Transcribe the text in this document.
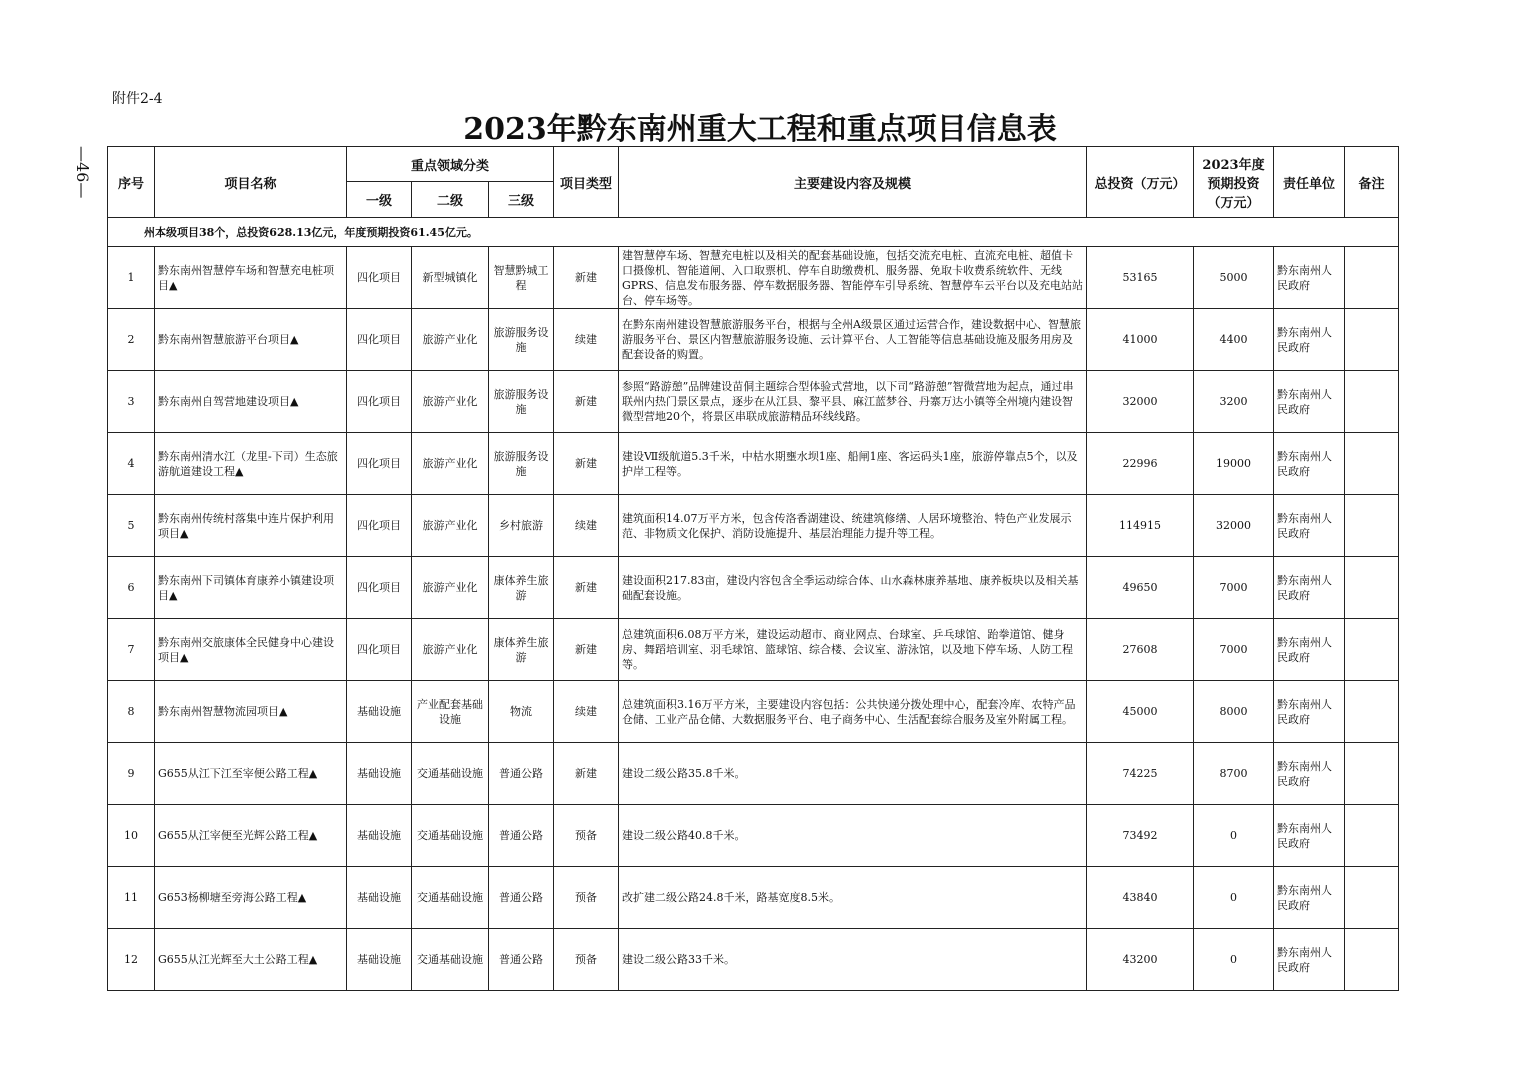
附件2-4
2023年黔东南州重大工程和重点项目信息表
—46— 序号	项目名称	重点领域分类			项目类型	主要建设内容及规模	总投资（万元）	2023年度预期投资（万元）	责任单位	备注
		一级	二级	三级						
州本级项目38个，总投资628.13亿元，年度预期投资61.45亿元。										
1	黔东南州智慧停车场和智慧充电桩项目▲	四化项目	新型城镇化	智慧黔城工程	新建	建智慧停车场、智慧充电桩以及相关的配套基础设施，包括交流充电桩、直流充电桩、超值卡口摄像机、智能道闸、入口取票机、停车自助缴费机、服务器、免取卡收费系统软件、无线GPRS、信息发布服务器、停车数据服务器、智能停车引导系统、智慧停车云平台以及充电站站台、停车场等。	53165	5000	黔东南州人民政府	
2	黔东南州智慧旅游平台项目▲	四化项目	旅游产业化	旅游服务设施	续建	在黔东南州建设智慧旅游服务平台，根据与全州A级景区通过运营合作，建设数据中心、智慧旅游服务平台、景区内智慧旅游服务设施、云计算平台、人工智能等信息基础设施及服务用房及配套设备的购置。	41000	4400	黔东南州人民政府	
3	黔东南州自驾营地建设项目▲	四化项目	旅游产业化	旅游服务设施	新建	参照“路游憩”品牌建设苗侗主题综合型体验式营地，以下司“路游憩”智微营地为起点，通过串联州内热门景区景点，逐步在从江县、黎平县、麻江蓝梦谷、丹寨万达小镇等全州境内建设智微型营地20个，将景区串联成旅游精品环线线路。	32000	3200	黔东南州人民政府	
4	黔东南州清水江（龙里-下司）生态旅游航道建设工程▲	四化项目	旅游产业化	旅游服务设施	新建	建设Ⅶ级航道5.3千米，中枯水期壅水坝1座、船闸1座、客运码头1座，旅游停靠点5个，以及护岸工程等。	22996	19000	黔东南州人民政府	
5	黔东南州传统村落集中连片保护利用项目▲	四化项目	旅游产业化	乡村旅游	续建	建筑面积14.07万平方米，包含传洛香湖建设、统建筑修缮、人居环境整治、特色产业发展示范、非物质文化保护、消防设施提升、基层治理能力提升等工程。	114915	32000	黔东南州人民政府	
6	黔东南州下司镇体育康养小镇建设项目▲	四化项目	旅游产业化	康体养生旅游	新建	建设面积217.83亩，建设内容包含全季运动综合体、山水森林康养基地、康养板块以及相关基础配套设施。	49650	7000	黔东南州人民政府	
7	黔东南州交旅康体全民健身中心建设项目▲	四化项目	旅游产业化	康体养生旅游	新建	总建筑面积6.08万平方米，建设运动超市、商业网点、台球室、乒乓球馆、跆拳道馆、健身房、舞蹈培训室、羽毛球馆、篮球馆、综合楼、会议室、游泳馆，以及地下停车场、人防工程等。	27608	7000	黔东南州人民政府	
8	黔东南州智慧物流园项目▲	基础设施	产业配套基础设施	物流	续建	总建筑面积3.16万平方米，主要建设内容包括：公共快递分拨处理中心，配套冷库、农特产品仓储、工业产品仓储、大数据服务平台、电子商务中心、生活配套综合服务及室外附属工程。	45000	8000	黔东南州人民政府	
9	G655从江下江至宰便公路工程▲	基础设施	交通基础设施	普通公路	新建	建设二级公路35.8千米。	74225	8700	黔东南州人民政府	
10	G655从江宰便至光辉公路工程▲	基础设施	交通基础设施	普通公路	预备	建设二级公路40.8千米。	73492	0	黔东南州人民政府	
11	G653杨柳塘至旁海公路工程▲	基础设施	交通基础设施	普通公路	预备	改扩建二级公路24.8千米，路基宽度8.5米。	43840	0	黔东南州人民政府	
12	G655从江光辉至大土公路工程▲	基础设施	交通基础设施	普通公路	预备	建设二级公路33千米。	43200	0	黔东南州人民政府	
